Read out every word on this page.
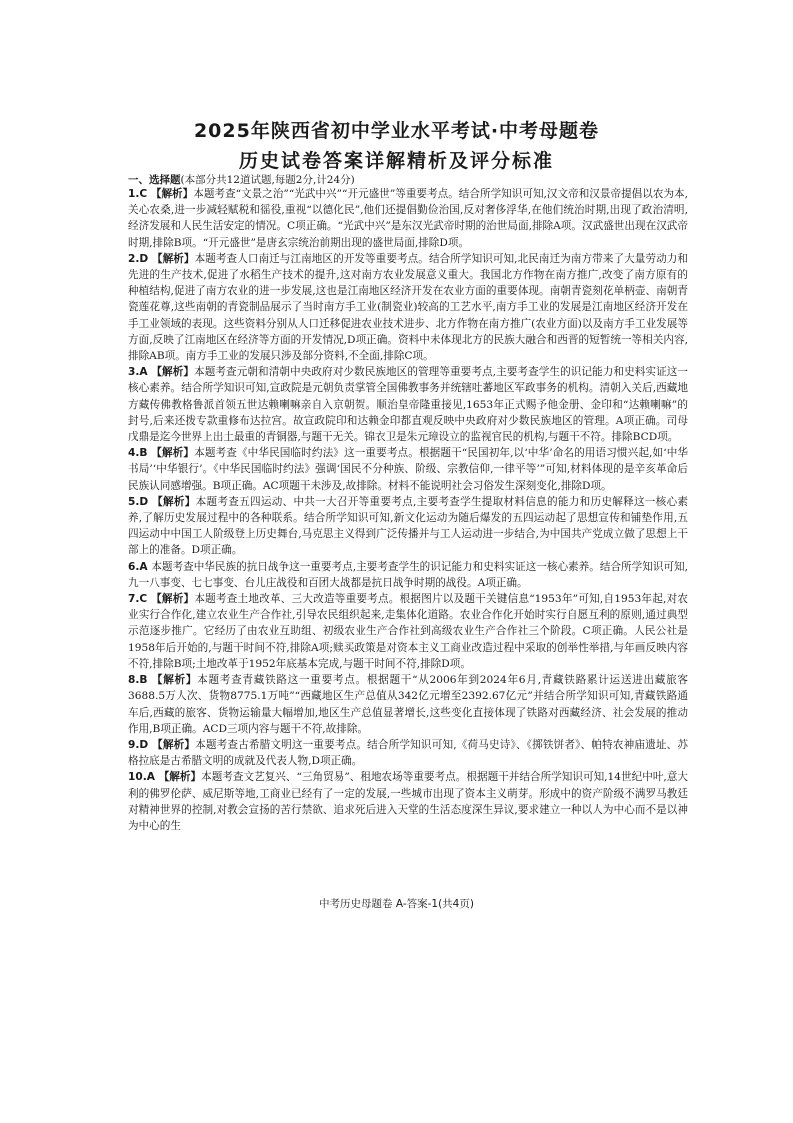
2025年陕西省初中学业水平考试·中考母题卷
历史试卷答案详解精析及评分标准
一、选择题(本部分共12道试题,每题2分,计24分)
1.C 【解析】本题考查“文景之治”“光武中兴”“开元盛世”等重要考点。结合所学知识可知,汉文帝和汉景帝提倡以农为本,关心农桑,进一步减轻赋税和徭役,重视“以德化民”,他们还提倡勤俭治国,反对奢侈浮华,在他们统治时期,出现了政治清明,经济发展和人民生活安定的情况。C项正确。“光武中兴”是东汉光武帝时期的治世局面,排除A项。汉武盛世出现在汉武帝时期,排除B项。“开元盛世”是唐玄宗统治前期出现的盛世局面,排除D项。
2.D 【解析】本题考查人口南迁与江南地区的开发等重要考点。结合所学知识可知,北民南迁为南方带来了大量劳动力和先进的生产技术,促进了水稻生产技术的提升,这对南方农业发展意义重大。我国北方作物在南方推广,改变了南方原有的种植结构,促进了南方农业的进一步发展,这也是江南地区经济开发在农业方面的重要体现。南朝青瓷刻花单柄壶、南朝青瓷莲花尊,这些南朝的青瓷制品展示了当时南方手工业(制瓷业)较高的工艺水平,南方手工业的发展是江南地区经济开发在手工业领域的表现。这些资料分别从人口迁移促进农业技术进步、北方作物在南方推广(农业方面)以及南方手工业发展等方面,反映了江南地区在经济等方面的开发情况,D项正确。资料中未体现北方的民族大融合和西晋的短暂统一等相关内容,排除AB项。南方手工业的发展只涉及部分资料,不全面,排除C项。
3.A 【解析】本题考查元朝和清朝中央政府对少数民族地区的管理等重要考点,主要考查学生的识记能力和史料实证这一核心素养。结合所学知识可知,宣政院是元朝负责掌管全国佛教事务并统辖吐蕃地区军政事务的机构。清朝入关后,西藏地方藏传佛教格鲁派首领五世达赖喇嘛亲自入京朝贺。顺治皇帝隆重接见,1653年正式赐予他金册、金印和“达赖喇嘛”的封号,后来还拨专款重修布达拉宫。故宣政院印和达赖金印都直观反映中央政府对少数民族地区的管理。A项正确。司母戊鼎是迄今世界上出土最重的青铜器,与题干无关。锦衣卫是朱元璋设立的监视官民的机构,与题干不符。排除BCD项。
4.B 【解析】本题考查《中华民国临时约法》这一重要考点。根据题干“民国初年,以‘中华’命名的用语习惯兴起,如‘中华书局’‘中华银行’。《中华民国临时约法》强调‘国民不分种族、阶级、宗教信仰,一律平等’”可知,材料体现的是辛亥革命后民族认同感增强。B项正确。AC项题干未涉及,故排除。材料不能说明社会习俗发生深刻变化,排除D项。
5.D 【解析】本题考查五四运动、中共一大召开等重要考点,主要考查学生提取材料信息的能力和历史解释这一核心素养,了解历史发展过程中的各种联系。结合所学知识可知,新文化运动为随后爆发的五四运动起了思想宣传和铺垫作用,五四运动中中国工人阶级登上历史舞台,马克思主义得到广泛传播并与工人运动进一步结合,为中国共产党成立做了思想上干部上的准备。D项正确。
6.A 本题考查中华民族的抗日战争这一重要考点,主要考查学生的识记能力和史料实证这一核心素养。结合所学知识可知,九一八事变、七七事变、台儿庄战役和百团大战都是抗日战争时期的战役。A项正确。
7.C 【解析】本题考查土地改革、三大改造等重要考点。根据图片以及题干关键信息“1953年”可知,自1953年起,对农业实行合作化,建立农业生产合作社,引导农民组织起来,走集体化道路。农业合作化开始时实行自愿互利的原则,通过典型示范逐步推广。它经历了由农业互助组、初级农业生产合作社到高级农业生产合作社三个阶段。C项正确。人民公社是1958年后开始的,与题干时间不符,排除A项;赎买政策是对资本主义工商业改造过程中采取的创举性举措,与年画反映内容不符,排除B项;土地改革于1952年底基本完成,与题干时间不符,排除D项。
8.B 【解析】本题考查青藏铁路这一重要考点。根据题干“从2006年到2024年6月,青藏铁路累计运送进出藏旅客3688.5万人次、货物8775.1万吨”“西藏地区生产总值从342亿元增至2392.67亿元”并结合所学知识可知,青藏铁路通车后,西藏的旅客、货物运输量大幅增加,地区生产总值显著增长,这些变化直接体现了铁路对西藏经济、社会发展的推动作用,B项正确。ACD三项内容与题干不符,故排除。
9.D 【解析】本题考查古希腊文明这一重要考点。结合所学知识可知,《荷马史诗》、《掷铁饼者》、帕特农神庙遗址、苏格拉底是古希腊文明的成就及代表人物,D项正确。
10.A 【解析】本题考查文艺复兴、“三角贸易”、租地农场等重要考点。根据题干并结合所学知识可知,14世纪中叶,意大利的佛罗伦萨、威尼斯等地,工商业已经有了一定的发展,一些城市出现了资本主义萌芽。形成中的资产阶级不满罗马教廷对精神世界的控制,对教会宣扬的苦行禁欲、追求死后进入天堂的生活态度深生异议,要求建立一种以人为中心而不是以神为中心的生
中考历史母题卷 A-答案-1(共4页)
